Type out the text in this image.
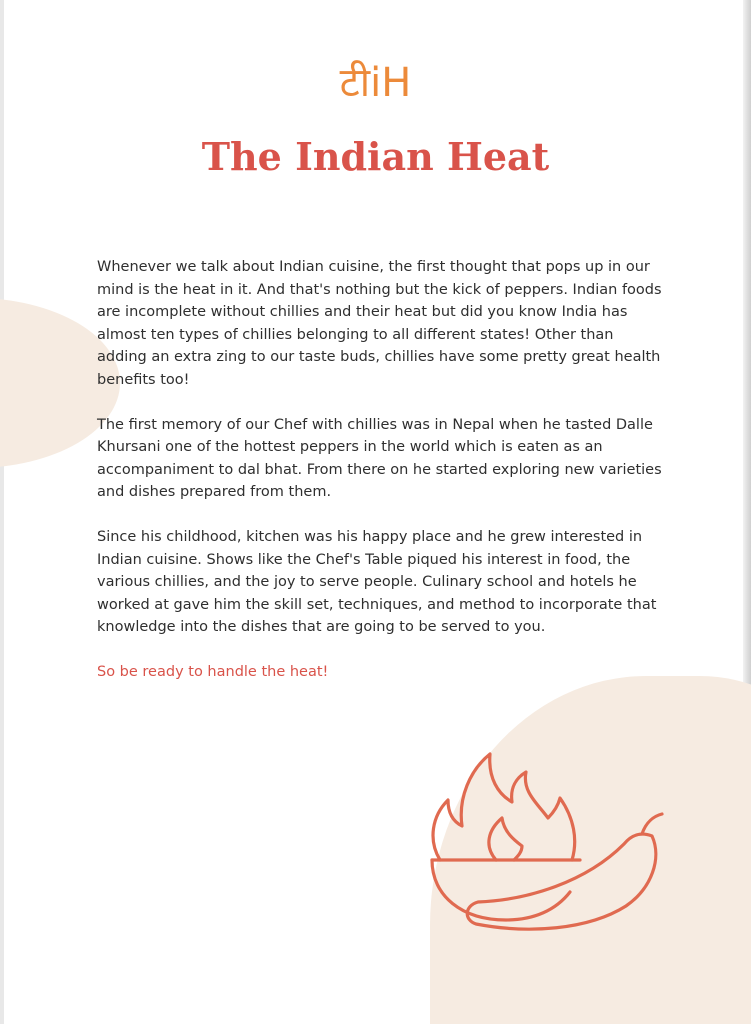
टीiH
The Indian Heat

Whenever we talk about Indian cuisine, the first thought that pops up in our mind is the heat in it. And that's nothing but the kick of peppers. Indian foods are incomplete without chillies and their heat but did you know India has almost ten types of chillies belonging to all different states! Other than adding an extra zing to our taste buds, chillies have some pretty great health benefits too!

The first memory of our Chef with chillies was in Nepal when he tasted Dalle Khursani one of the hottest peppers in the world which is eaten as an accompaniment to dal bhat. From there on he started exploring new varieties and dishes prepared from them.

Since his childhood, kitchen was his happy place and he grew interested in Indian cuisine. Shows like the Chef's Table piqued his interest in food, the various chillies, and the joy to serve people. Culinary school and hotels he worked at gave him the skill set, techniques, and method to incorporate that knowledge into the dishes that are going to be served to you.

So be ready to handle the heat!
